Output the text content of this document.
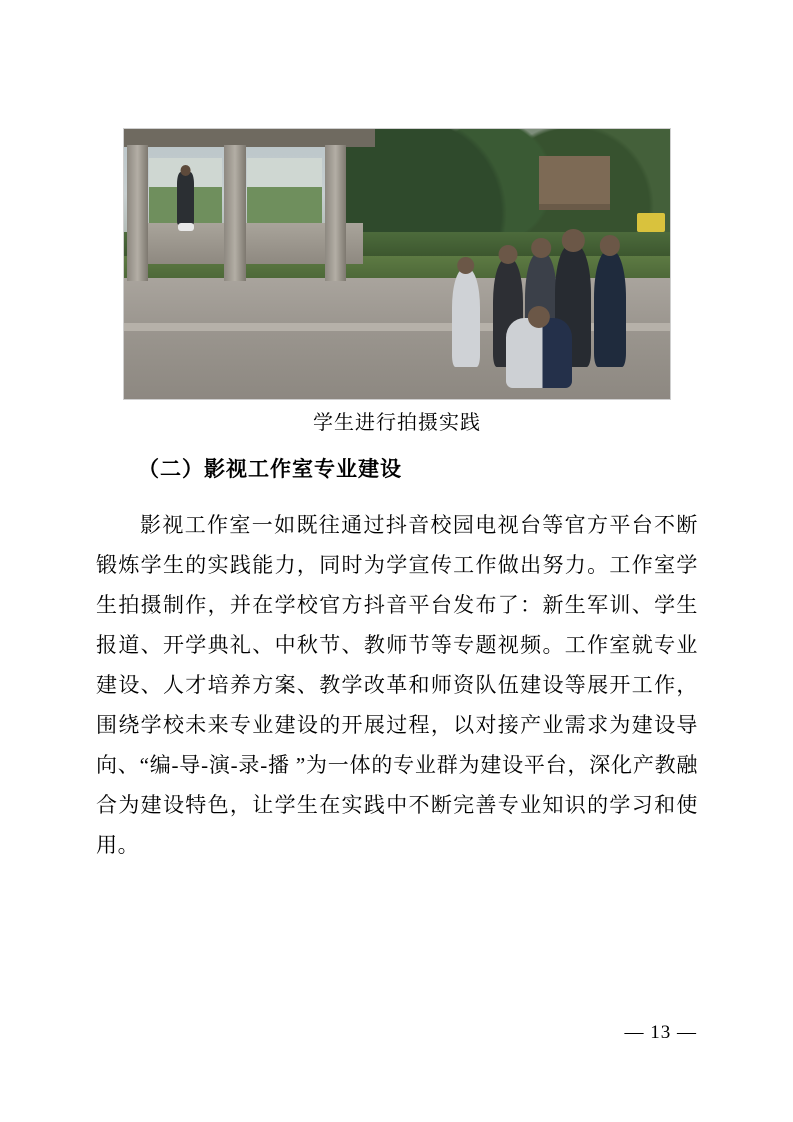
学生进行拍摄实践
（二）影视工作室专业建设

影视工作室一如既往通过抖音校园电视台等官方平台不断锻炼学生的实践能力，同时为学宣传工作做出努力。工作室学生拍摄制作，并在学校官方抖音平台发布了：新生军训、学生报道、开学典礼、中秋节、教师节等专题视频。工作室就专业建设、人才培养方案、教学改革和师资队伍建设等展开工作，围绕学校未来专业建设的开展过程，以对接产业需求为建设导向、“编-导-演-录-播 ”为一体的专业群为建设平台，深化产教融合为建设特色，让学生在实践中不断完善专业知识的学习和使用。

— 13 —
